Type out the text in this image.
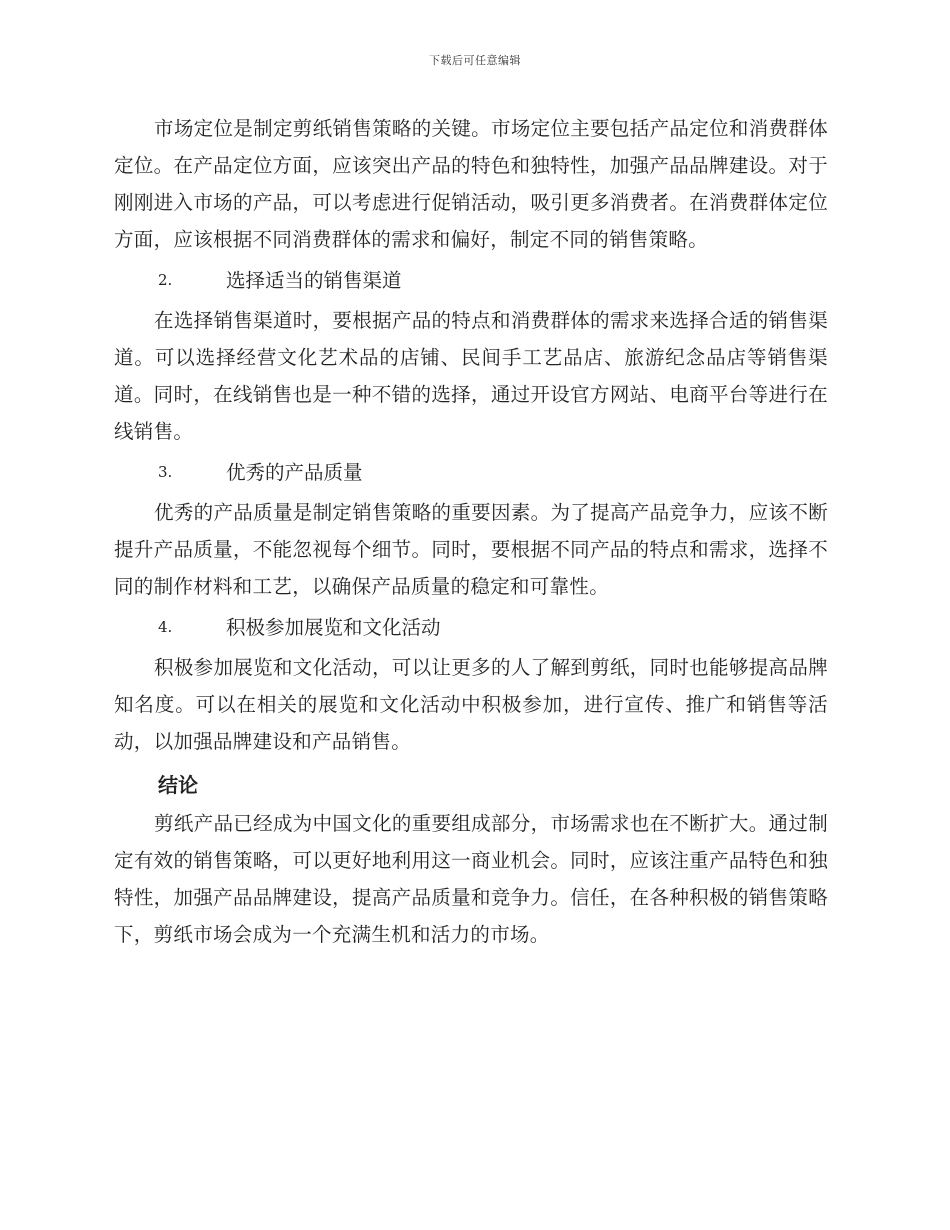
下载后可任意编辑

市场定位是制定剪纸销售策略的关键。市场定位主要包括产品定位和消费群体定位。在产品定位方面，应该突出产品的特色和独特性，加强产品品牌建设。对于刚刚进入市场的产品，可以考虑进行促销活动，吸引更多消费者。在消费群体定位方面，应该根据不同消费群体的需求和偏好，制定不同的销售策略。

2.	选择适当的销售渠道

在选择销售渠道时，要根据产品的特点和消费群体的需求来选择合适的销售渠道。可以选择经营文化艺术品的店铺、民间手工艺品店、旅游纪念品店等销售渠道。同时，在线销售也是一种不错的选择，通过开设官方网站、电商平台等进行在线销售。

3.	优秀的产品质量

优秀的产品质量是制定销售策略的重要因素。为了提高产品竞争力，应该不断提升产品质量，不能忽视每个细节。同时，要根据不同产品的特点和需求，选择不同的制作材料和工艺，以确保产品质量的稳定和可靠性。

4.	积极参加展览和文化活动

积极参加展览和文化活动，可以让更多的人了解到剪纸，同时也能够提高品牌知名度。可以在相关的展览和文化活动中积极参加，进行宣传、推广和销售等活动，以加强品牌建设和产品销售。

结论

剪纸产品已经成为中国文化的重要组成部分，市场需求也在不断扩大。通过制定有效的销售策略，可以更好地利用这一商业机会。同时，应该注重产品特色和独特性，加强产品品牌建设，提高产品质量和竞争力。信任，在各种积极的销售策略下，剪纸市场会成为一个充满生机和活力的市场。
